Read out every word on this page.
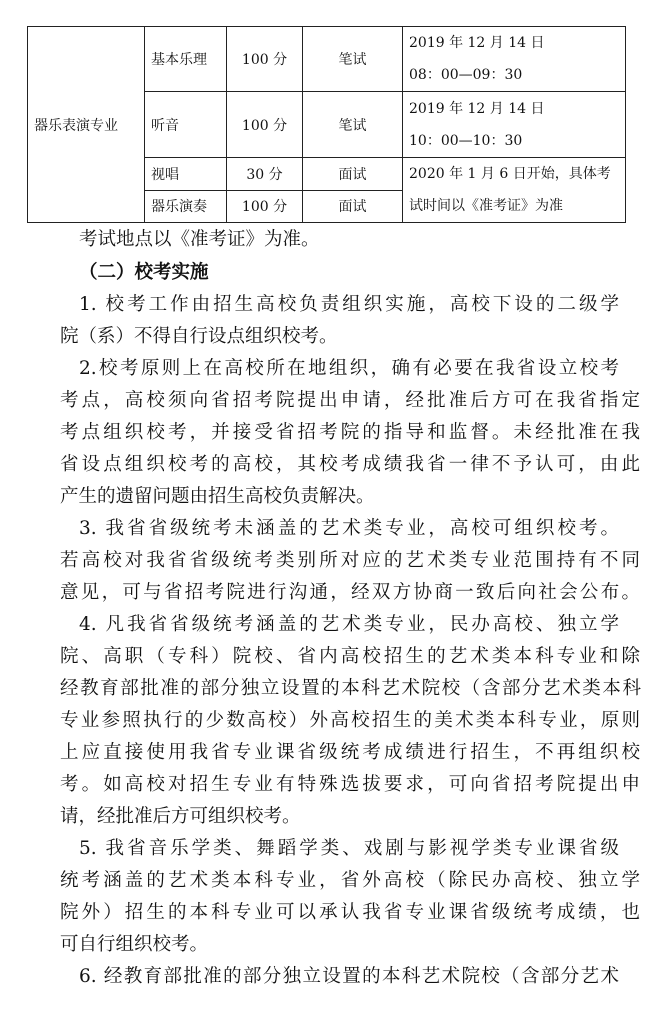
器乐表演专业	基本乐理	100 分	笔试	2019 年 12 月 14 日
08：00—09：30

	听音	100 分	笔试	2019 年 12 月 14 日
10：00—10：30

	视唱	30 分	面试	2020 年 1 月 6 日开始，具体考
试时间以《准考证》为准

	器乐演奏	100 分	面试	
考试地点以《准考证》为准。
（二）校考实施
1. 校考工作由招生高校负责组织实施，高校下设的二级学
院（系）不得自行设点组织校考。
2.校考原则上在高校所在地组织，确有必要在我省设立校考
考点，高校须向省招考院提出申请，经批准后方可在我省指定
考点组织校考，并接受省招考院的指导和监督。未经批准在我
省设点组织校考的高校，其校考成绩我省一律不予认可，由此
产生的遗留问题由招生高校负责解决。
3. 我省省级统考未涵盖的艺术类专业，高校可组织校考。
若高校对我省省级统考类别所对应的艺术类专业范围持有不同
意见，可与省招考院进行沟通，经双方协商一致后向社会公布。
4. 凡我省省级统考涵盖的艺术类专业，民办高校、独立学
院、高职（专科）院校、省内高校招生的艺术类本科专业和除
经教育部批准的部分独立设置的本科艺术院校（含部分艺术类本科
专业参照执行的少数高校）外高校招生的美术类本科专业，原则
上应直接使用我省专业课省级统考成绩进行招生，不再组织校
考。如高校对招生专业有特殊选拔要求，可向省招考院提出申
请，经批准后方可组织校考。
5. 我省音乐学类、舞蹈学类、戏剧与影视学类专业课省级
统考涵盖的艺术类本科专业，省外高校（除民办高校、独立学
院外）招生的本科专业可以承认我省专业课省级统考成绩，也
可自行组织校考。
6. 经教育部批准的部分独立设置的本科艺术院校（含部分艺术
